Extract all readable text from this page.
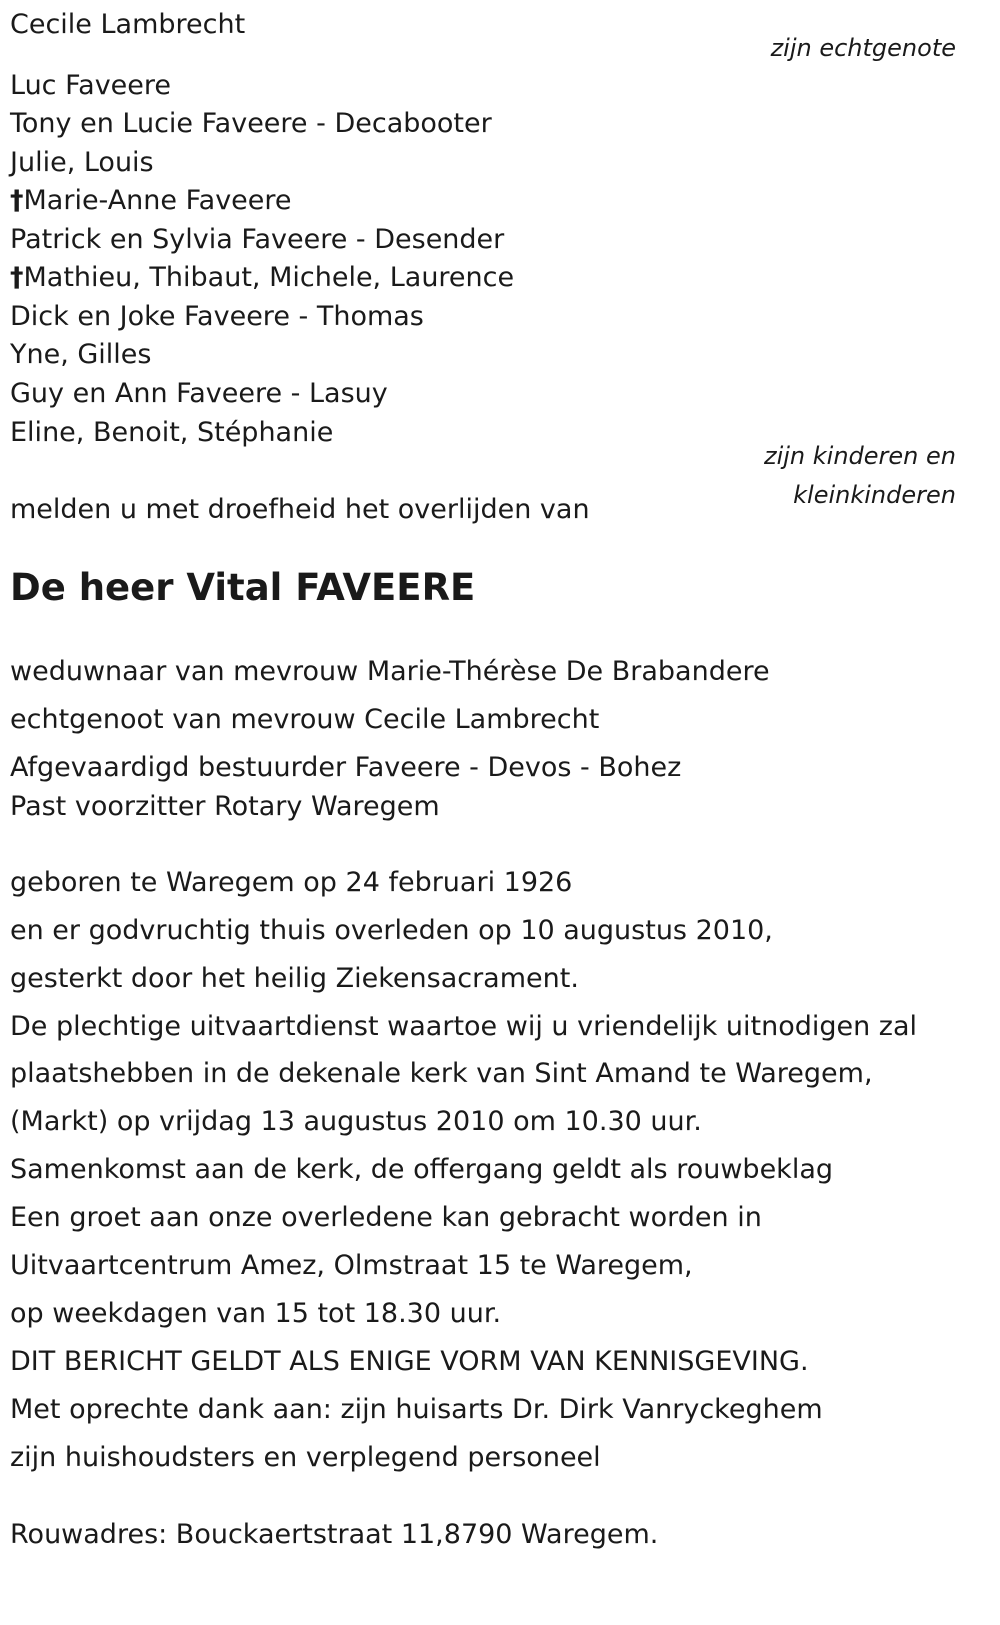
Cecile Lambrecht
zijn echtgenote
Luc Faveere
Tony en Lucie Faveere - Decabooter
Julie, Louis
†Marie-Anne Faveere
Patrick en Sylvia Faveere - Desender
†Mathieu, Thibaut, Michele, Laurence
Dick en Joke Faveere - Thomas
Yne, Gilles
Guy en Ann Faveere - Lasuy
Eline, Benoit, Stéphanie
zijn kinderen en
kleinkinderen
melden u met droefheid het overlijden van
De heer Vital FAVEERE
weduwnaar van mevrouw Marie-Thérèse De Brabandere
echtgenoot van mevrouw Cecile Lambrecht
Afgevaardigd bestuurder Faveere - Devos - Bohez
Past voorzitter Rotary Waregem
geboren te Waregem op 24 februari 1926
en er godvruchtig thuis overleden op 10 augustus 2010,
gesterkt door het heilig Ziekensacrament.
De plechtige uitvaartdienst waartoe wij u vriendelijk uitnodigen zal
plaatshebben in de dekenale kerk van Sint Amand te Waregem,
(Markt) op vrijdag 13 augustus 2010 om 10.30 uur.
Samenkomst aan de kerk, de offergang geldt als rouwbeklag
Een groet aan onze overledene kan gebracht worden in
Uitvaartcentrum Amez, Olmstraat 15 te Waregem,
op weekdagen van 15 tot 18.30 uur.
DIT BERICHT GELDT ALS ENIGE VORM VAN KENNISGEVING.
Met oprechte dank aan: zijn huisarts Dr. Dirk Vanryckeghem
zijn huishoudsters en verplegend personeel
Rouwadres: Bouckaertstraat 11,8790 Waregem.
